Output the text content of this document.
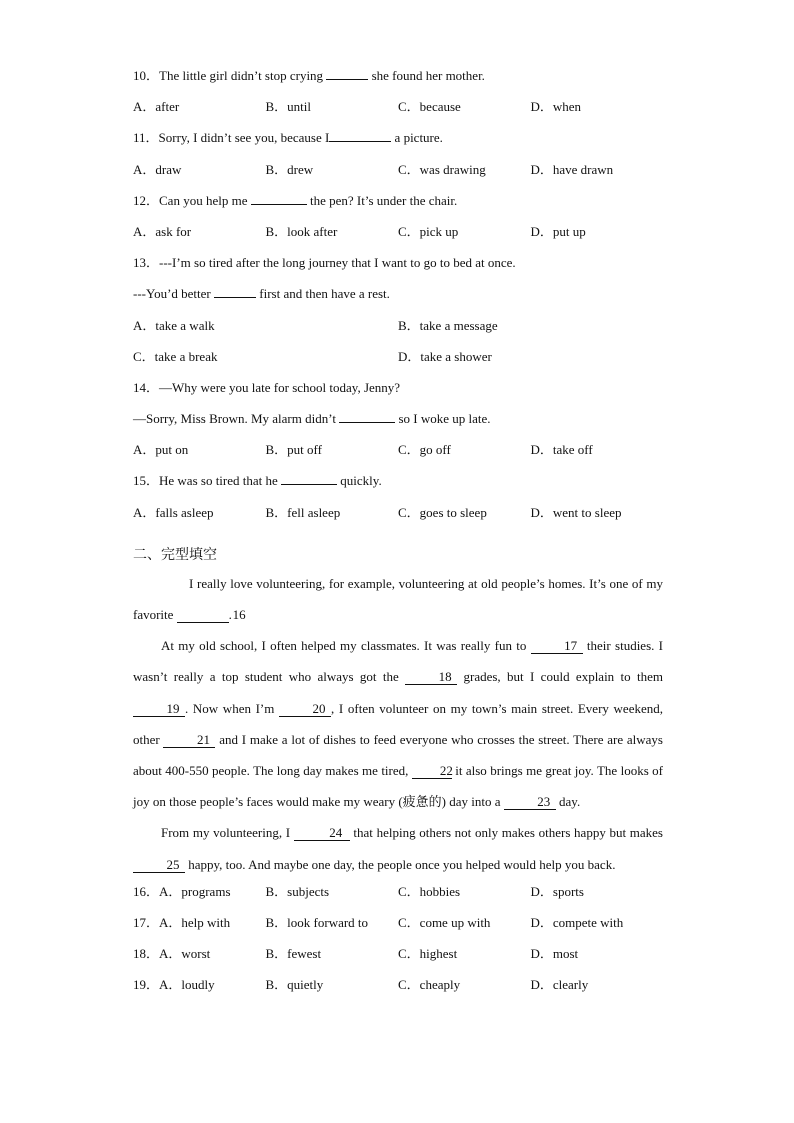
10．The little girl didn’t stop crying	she found her mother.
A．after	B．until	C．because	D．when
11．Sorry, I didn’t see you, because I	a picture.
A．draw	B．drew	C．was drawing	D．have drawn
12．Can you help me	the pen? It’s under the chair.
A．ask for	B．look after	C．pick up	D．put up
13．---I’m so tired after the long journey that I want to go to bed at once.
---You’d better	first and then have a rest.
A．take a walk	B．take a message
C．take a break	D．take a shower
14．—Why were you late for school today, Jenny?
—Sorry, Miss Brown. My alarm didn’t	so I woke up late.
A．put on	B．put off	C．go off	D．take off
15．He was so tired that he	quickly.
A．falls asleep	B．fell asleep	C．goes to sleep	D．went to sleep
二、完型填空

I really love volunteering, for example, volunteering at old people’s homes. It’s one of my favorite	16.

At my old school, I often helped my classmates. It was really fun to	17 their studies. I wasn’t really a top student who always got the	18 grades, but I could explain to them 19 . Now when I’m	20 , I often volunteer on my town’s main street. Every weekend, other	21 and I make a lot of dishes to feed everyone who crosses the street. There are always about 400-550 people. The long day makes me tired, 22 it also brings me great joy. The looks of joy on those people’s faces would make my weary (疲惫的) day into a	23 day.

From my volunteering, I	24 that helping others not only makes others happy but makes 25 happy, too. And maybe one day, the people once you helped would help you back.

16．A．programs	B．subjects	C．hobbies	D．sports
17．A．help with	B．look forward to	C．come up with	D．compete with
18．A．worst	B．fewest	C．highest	D．most
19．A．loudly	B．quietly	C．cheaply	D．clearly
